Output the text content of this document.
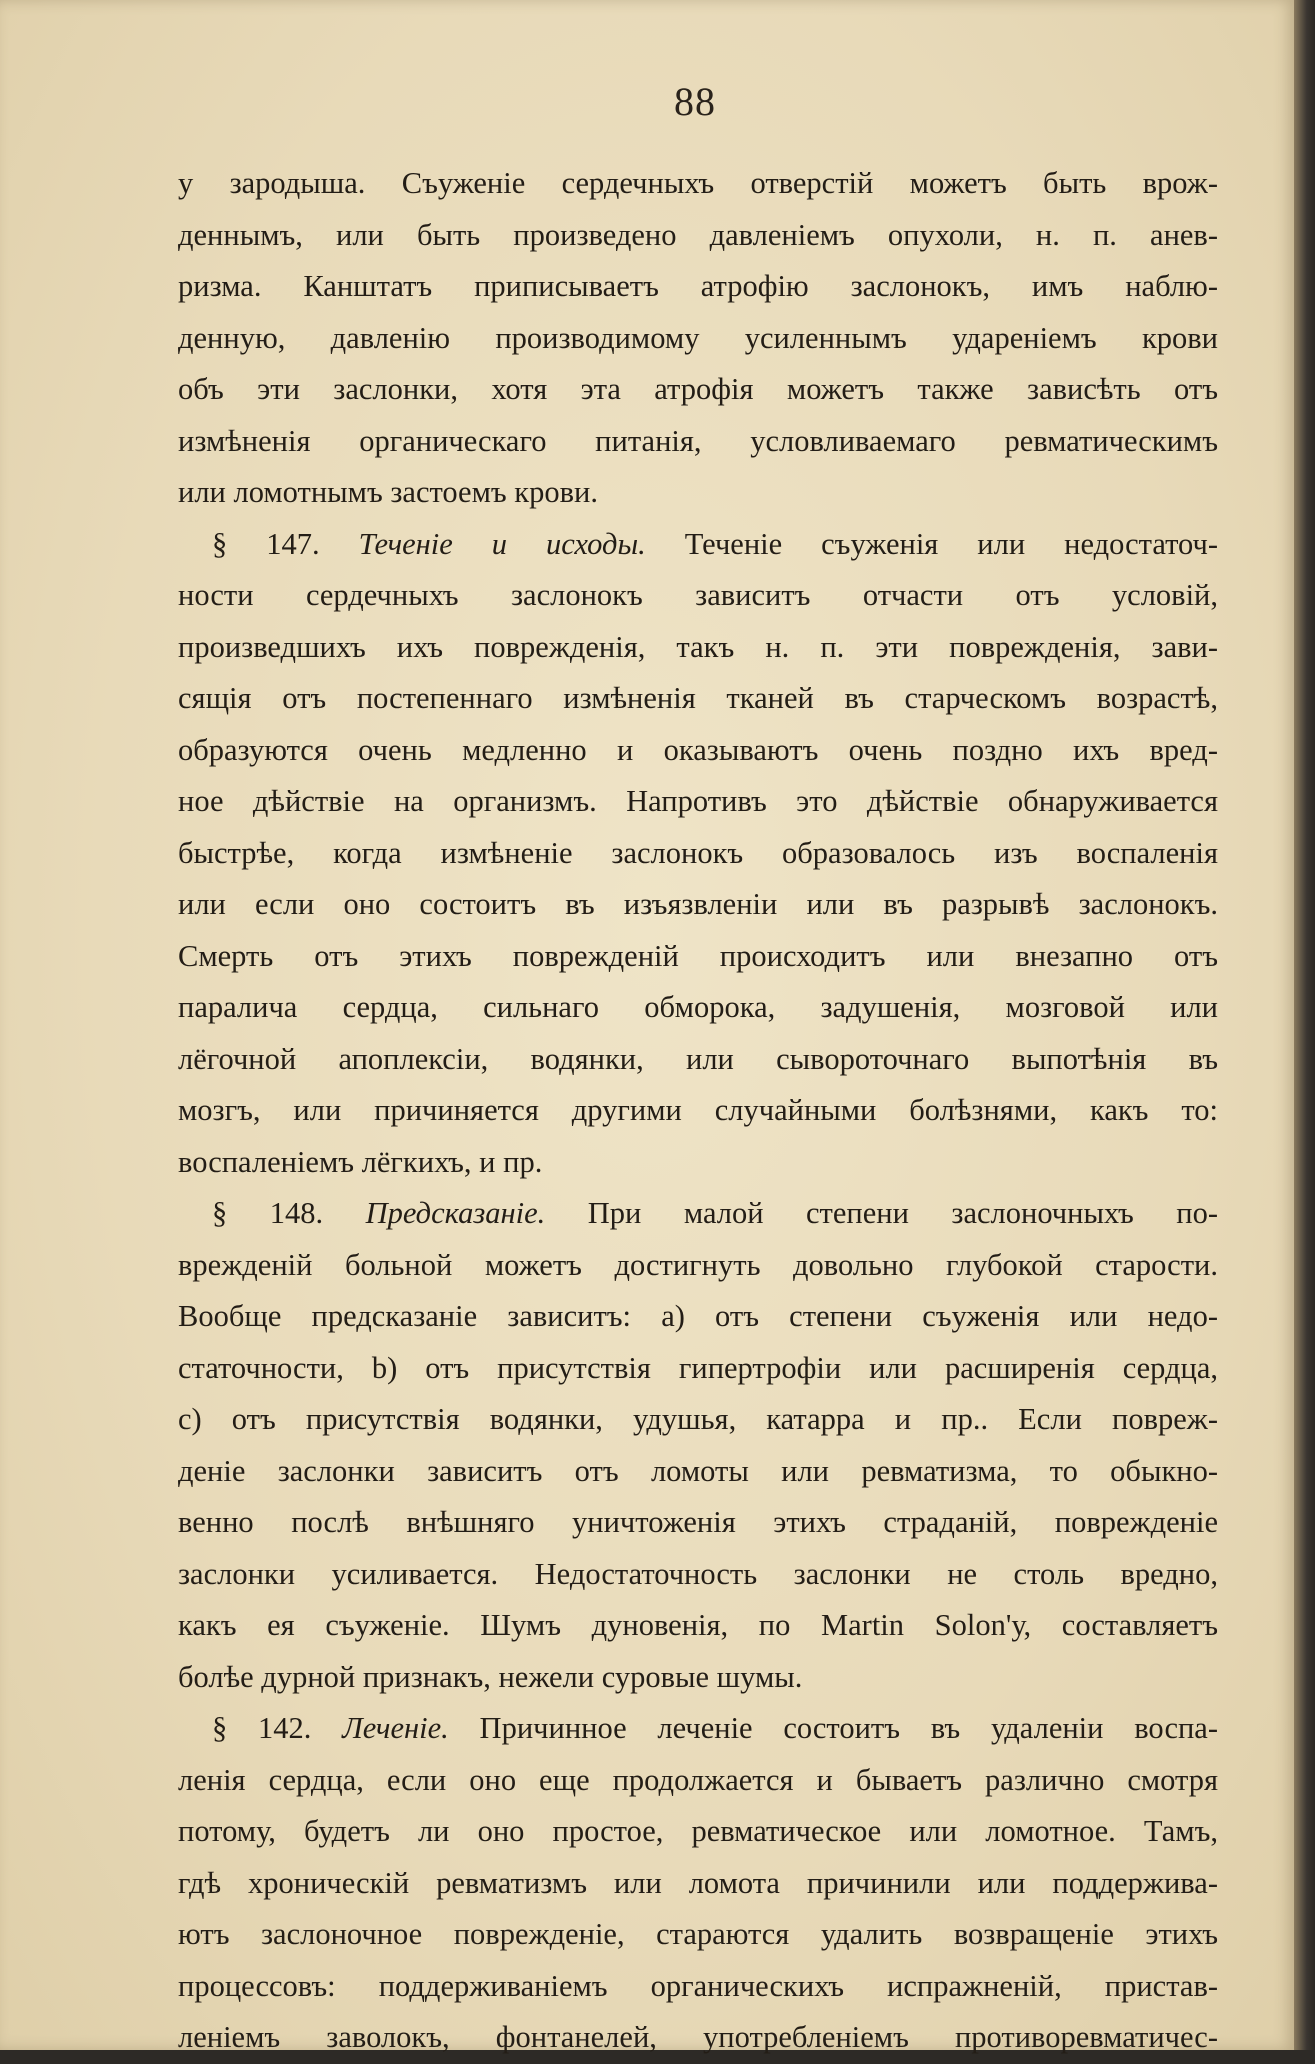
88
у зародыша. Съуженіе сердечныхъ отверстій можетъ быть врож-
деннымъ, или быть произведено давленіемъ опухоли, н. п. анев-
ризма. Канштатъ приписываетъ атрофію заслонокъ, имъ наблю-
денную, давленію производимому усиленнымъ удареніемъ крови
объ эти заслонки, хотя эта атрофія можетъ также зависѣть отъ
измѣненія органическаго питанія, условливаемаго ревматическимъ
или ломотнымъ застоемъ крови.
§ 147. Теченіе и исходы. Теченіе съуженія или недостаточ-
ности сердечныхъ заслонокъ зависитъ отчасти отъ условій,
произведшихъ ихъ поврежденія, такъ н. п. эти поврежденія, зави-
сящія отъ постепеннаго измѣненія тканей въ старческомъ возрастѣ,
образуются очень медленно и оказываютъ очень поздно ихъ вред-
ное дѣйствіе на организмъ. Напротивъ это дѣйствіе обнаруживается
быстрѣе, когда измѣненіе заслонокъ образовалось изъ воспаленія
или если оно состоитъ въ изъязвленіи или въ разрывѣ заслонокъ.
Смерть отъ этихъ поврежденій происходитъ или внезапно отъ
паралича сердца, сильнаго обморока, задушенія, мозговой или
лёгочной апоплексіи, водянки, или сывороточнаго выпотѣнія въ
мозгъ, или причиняется другими случайными болѣзнями, какъ то:
воспаленіемъ лёгкихъ, и пр.
§ 148. Предсказаніе. При малой степени заслоночныхъ по-
врежденій больной можетъ достигнуть довольно глубокой старости.
Вообще предсказаніе зависитъ: a) отъ степени съуженія или недо-
статочности, b) отъ присутствія гипертрофіи или расширенія сердца,
c) отъ присутствія водянки, удушья, катарра и пр.. Если повреж-
деніе заслонки зависитъ отъ ломоты или ревматизма, то обыкно-
венно послѣ внѣшняго уничтоженія этихъ страданій, поврежденіе
заслонки усиливается. Недостаточность заслонки не столь вредно,
какъ ея съуженіе. Шумъ дуновенія, по Martin Solon'у, составляетъ
болѣе дурной признакъ, нежели суровые шумы.
§ 142. Леченіе. Причинное леченіе состоитъ въ удаленіи воспа-
ленія сердца, если оно еще продолжается и бываетъ различно смотря
потому, будетъ ли оно простое, ревматическое или ломотное. Тамъ,
гдѣ хроническій ревматизмъ или ломота причинили или поддержива-
ютъ заслоночное поврежденіе, стараются удалить возвращеніе этихъ
процессовъ: поддерживаніемъ органическихъ испражненій, пристав-
леніемъ заволокъ, фонтанелей, употребленіемъ противоревматичес-
